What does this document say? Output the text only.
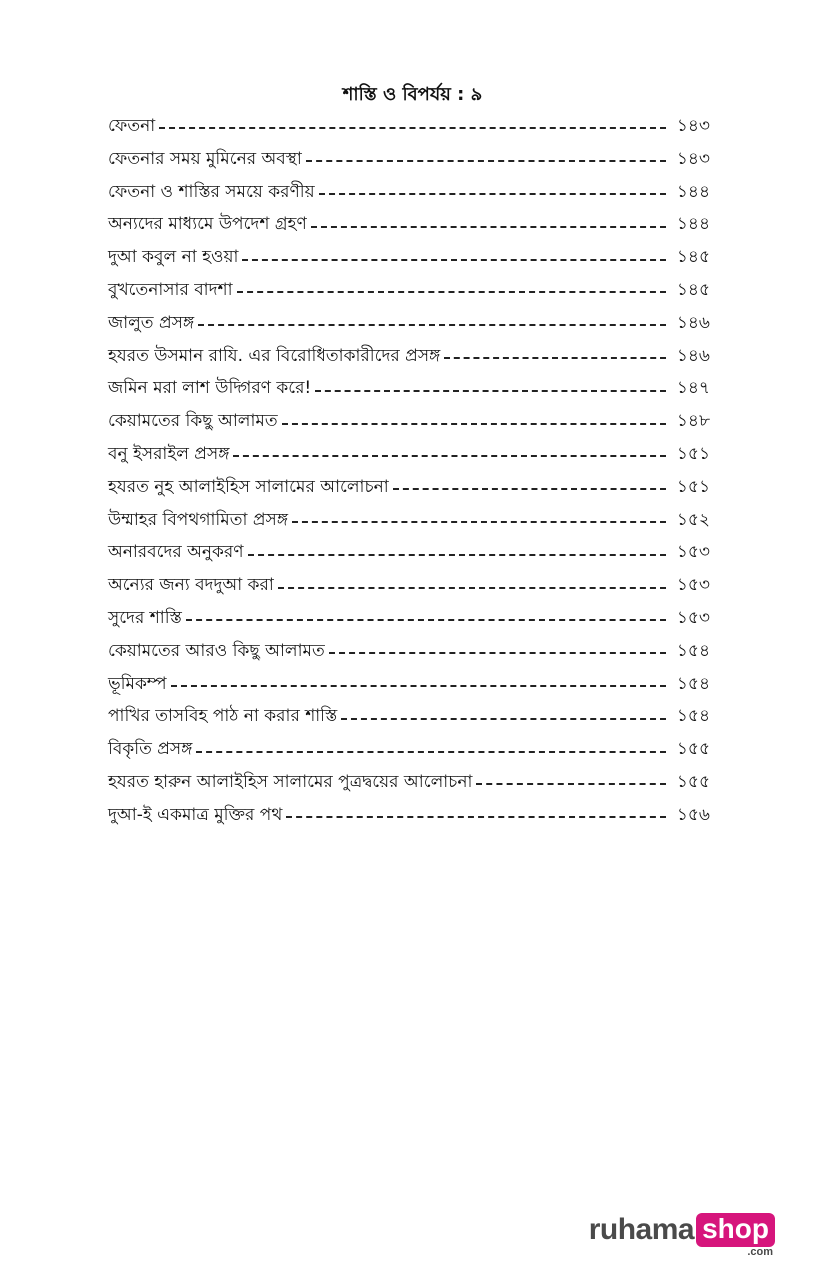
শাস্তি ও বিপর্যয় : ৯
ফেতনা	১৪৩
ফেতনার সময় মুমিনের অবস্থা	১৪৩
ফেতনা ও শাস্তির সময়ে করণীয়	১৪৪
অন্যদের মাধ্যমে উপদেশ গ্রহণ	১৪৪
দুআ কবুল না হওয়া	১৪৫
বুখতেনাসার বাদশা	১৪৫
জালুত প্রসঙ্গ	১৪৬
হযরত উসমান রাযি. এর বিরোধিতাকারীদের প্রসঙ্গ	১৪৬
জমিন মরা লাশ উদ্গিরণ করে!	১৪৭
কেয়ামতের কিছু আলামত	১৪৮
বনু ইসরাইল প্রসঙ্গ	১৫১
হযরত নুহ আলাইহিস সালামের আলোচনা	১৫১
উম্মাহর বিপথগামিতা প্রসঙ্গ	১৫২
অনারবদের অনুকরণ	১৫৩
অন্যের জন্য বদদুআ করা	১৫৩
সুদের শাস্তি	১৫৩
কেয়ামতের আরও কিছু আলামত	১৫৪
ভূমিকম্প	১৫৪
পাখির তাসবিহ পাঠ না করার শাস্তি	১৫৪
বিকৃতি প্রসঙ্গ	১৫৫
হযরত হারুন আলাইহিস সালামের পুত্রদ্বয়ের আলোচনা	১৫৫
দুআ-ই একমাত্র মুক্তির পথ	১৫৬
ruhama shop
.com
